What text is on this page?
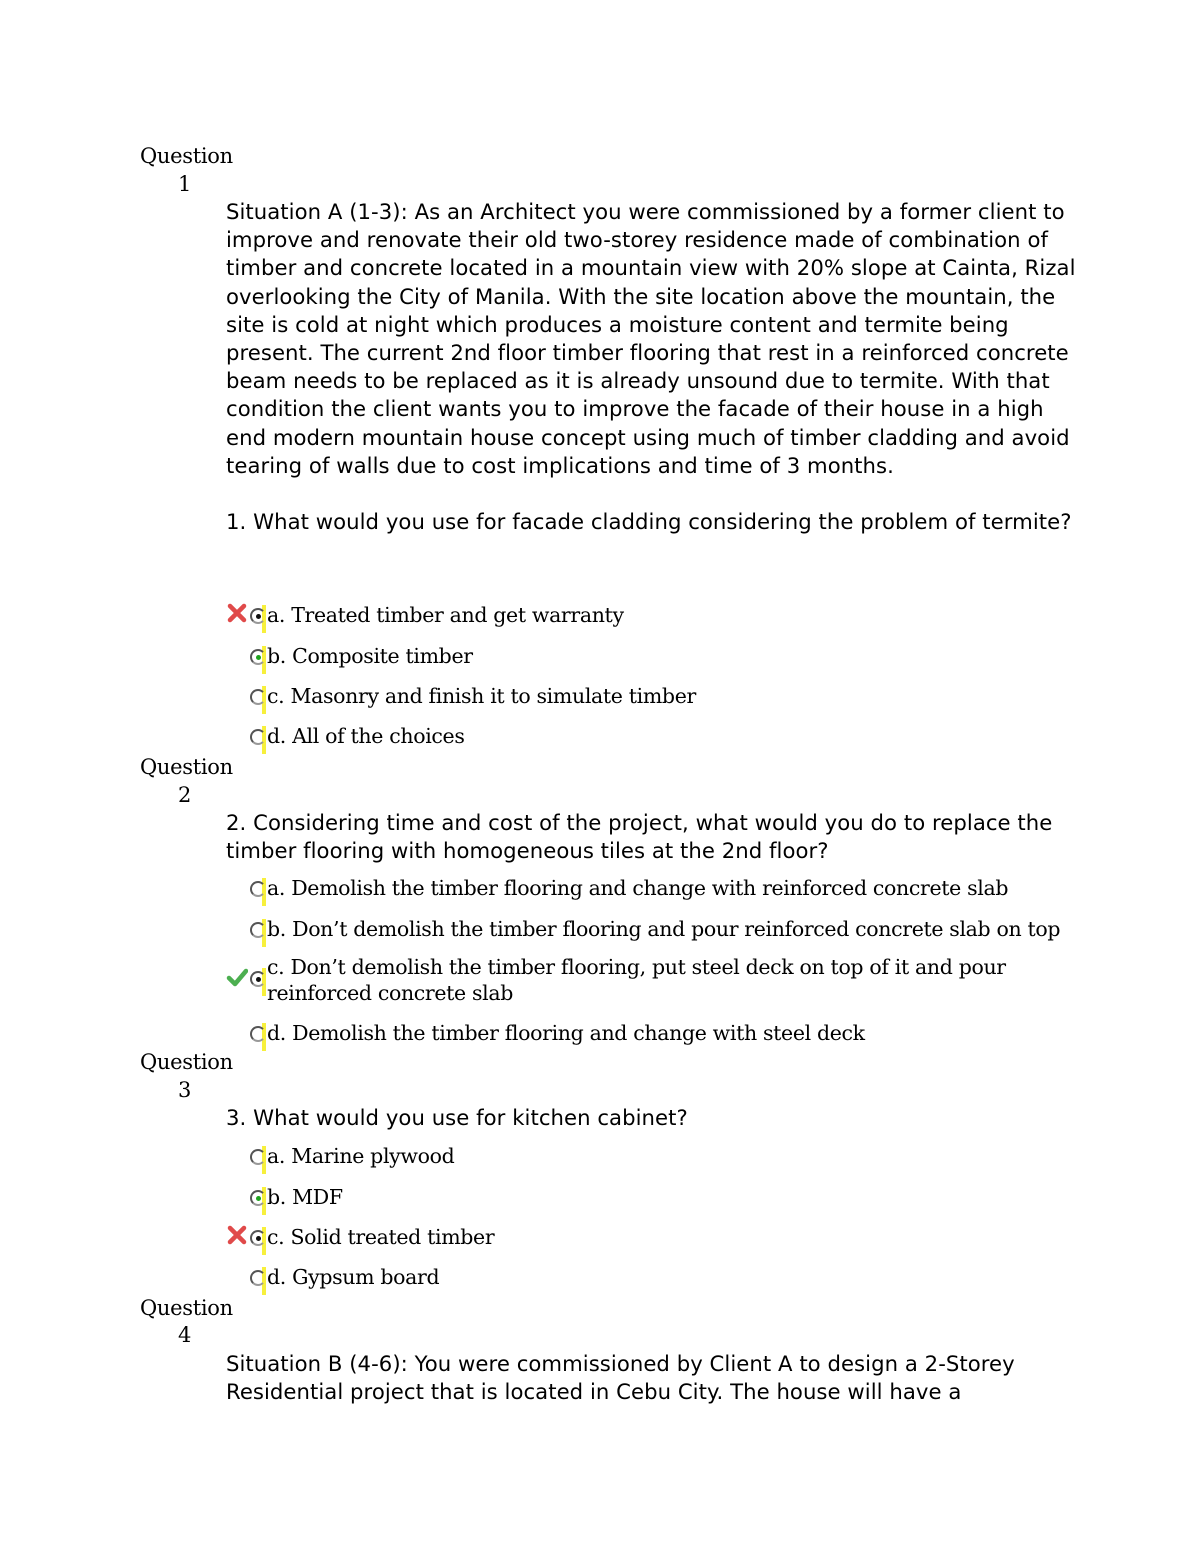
Question
1

Situation A (1-3): As an Architect you were commissioned by a former client to improve and renovate their old two-storey residence made of combination of timber and concrete located in a mountain view with 20% slope at Cainta, Rizal overlooking the City of Manila. With the site location above the mountain, the site is cold at night which produces a moisture content and termite being present. The current 2nd floor timber flooring that rest in a reinforced concrete beam needs to be replaced as it is already unsound due to termite. With that condition the client wants you to improve the facade of their house in a high end modern mountain house concept using much of timber cladding and avoid tearing of walls due to cost implications and time of 3 months.

1. What would you use for facade cladding considering the problem of termite?

a. Treated timber and get warranty
b. Composite timber
c. Masonry and finish it to simulate timber
d. All of the choices
Question
2

2. Considering time and cost of the project, what would you do to replace the timber flooring with homogeneous tiles at the 2nd floor?

a. Demolish the timber flooring and change with reinforced concrete slab
b. Don’t demolish the timber flooring and pour reinforced concrete slab on top
c. Don’t demolish the timber flooring, put steel deck on top of it and pour reinforced concrete slab
d. Demolish the timber flooring and change with steel deck
Question
3

3. What would you use for kitchen cabinet?

a. Marine plywood
b. MDF
c. Solid treated timber
d. Gypsum board
Question
4

Situation B (4-6): You were commissioned by Client A to design a 2-Storey Residential project that is located in Cebu City. The house will have a
